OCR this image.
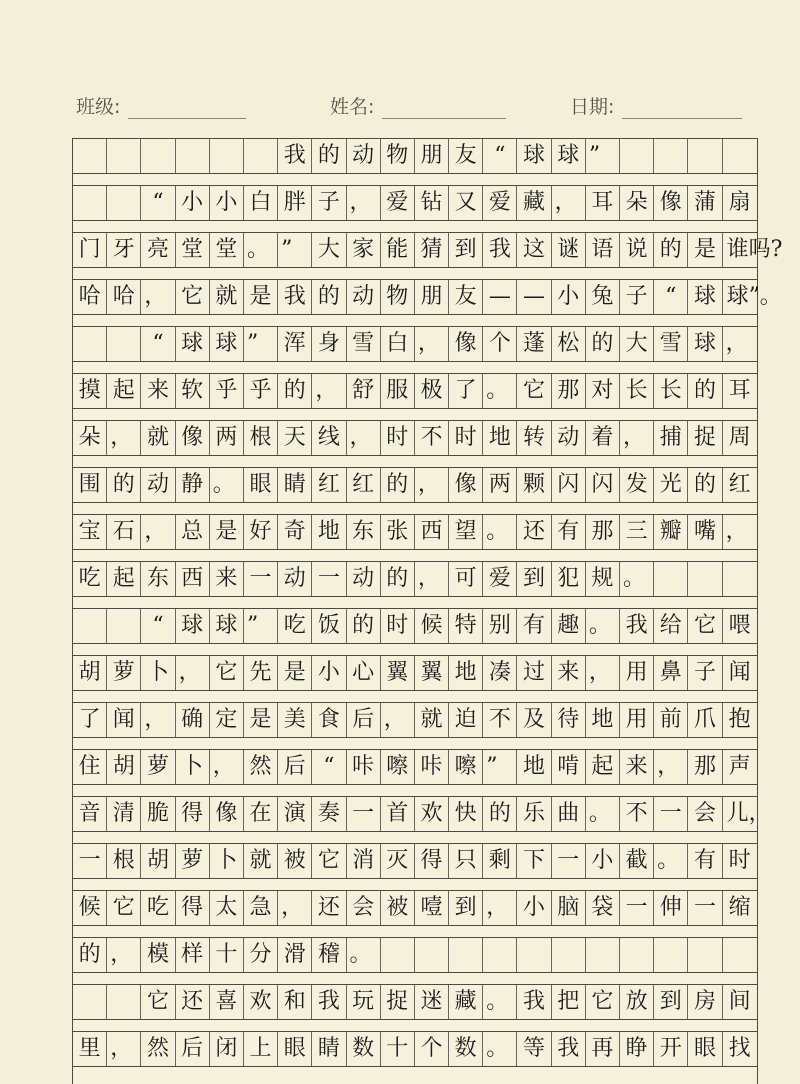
班级:	姓名:	日期:
我 的 动 物 朋 友 “ 球 球 ”
“ 小 小 白 胖 子 ， 爱 钻 又 爱 藏 ， 耳 朵 像 蒲 扇
门 牙 亮 堂 堂 。 ”	大 家 能 猜 到 我 这 谜 语 说 的 是 谁吗?
哈 哈 ， 它 就 是 我 的 动 物 朋 友 — — 小 兔 子 “ 球 球”。
“ 球 球 ”	浑 身 雪 白 ， 像 个 蓬 松 的 大 雪 球 ，
摸 起 来 软 乎 乎 的 ， 舒 服 极 了 。 它 那 对 长 长 的 耳
朵 ， 就 像 两 根 天 线 ， 时 不 时 地 转 动 着 ， 捕 捉 周
围 的 动 静 。 眼 睛 红 红 的 ， 像 两 颗 闪 闪 发 光 的 红
宝 石 ， 总 是 好 奇 地 东 张 西 望 。 还 有 那 三 瓣 嘴 ，
吃 起 东 西 来 一 动 一 动 的 ， 可 爱 到 犯 规 。
“ 球 球 ”	吃 饭 的 时 候 特 别 有 趣 。 我 给 它 喂
胡 萝 卜 ， 它 先 是 小 心 翼 翼 地 凑 过 来 ， 用 鼻 子 闻
了 闻 ， 确 定 是 美 食 后 ， 就 迫 不 及 待 地 用 前 爪 抱
住 胡 萝 卜 ， 然 后 “ 咔 嚓 咔 嚓 ”	地 啃 起 来 ， 那 声
音 清 脆 得 像 在 演 奏 一 首 欢 快 的 乐 曲 。 不 一 会 儿，
一 根 胡 萝 卜 就 被 它 消 灭 得 只 剩 下 一 小 截 。 有 时
候 它 吃 得 太 急 ， 还 会 被 噎 到 ， 小 脑 袋 一 伸 一 缩
的 ， 模 样 十 分 滑 稽 。
它 还 喜 欢 和 我 玩 捉 迷 藏 。 我 把 它 放 到 房 间
里 ， 然 后 闭 上 眼 睛 数 十 个 数 。 等 我 再 睁 开 眼 找
